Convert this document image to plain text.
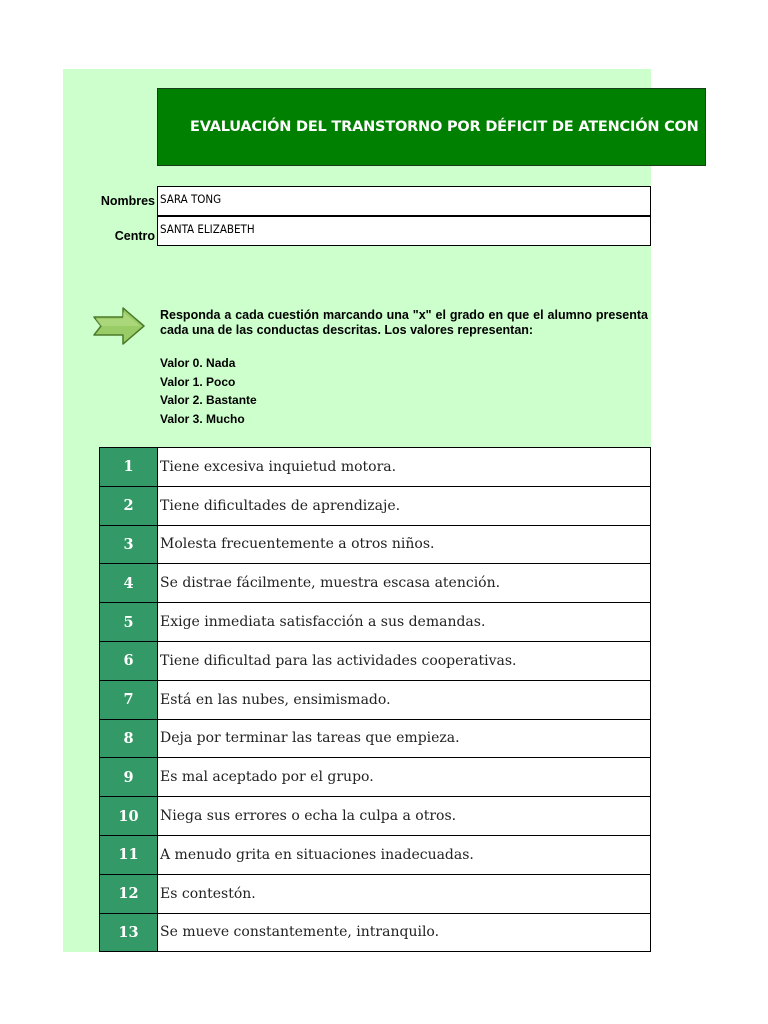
EVALUACIÓN DEL TRANSTORNO POR DÉFICIT DE ATENCIÓN CON
Nombres SARA TONG
Centro SANTA ELIZABETH
Responda a cada cuestión marcando una "x" el grado en que el alumno presenta cada una de las conductas descritas. Los valores representan:
Valor 0. Nada
Valor 1. Poco
Valor 2. Bastante
Valor 3. Mucho
1	Tiene excesiva inquietud motora.
2	Tiene dificultades de aprendizaje.
3	Molesta frecuentemente a otros niños.
4	Se distrae fácilmente, muestra escasa atención.
5	Exige inmediata satisfacción a sus demandas.
6	Tiene dificultad para las actividades cooperativas.
7	Está en las nubes, ensimismado.
8	Deja por terminar las tareas que empieza.
9	Es mal aceptado por el grupo.
10	Niega sus errores o echa la culpa a otros.
11	A menudo grita en situaciones inadecuadas.
12	Es contestón.
13	Se mueve constantemente, intranquilo.
